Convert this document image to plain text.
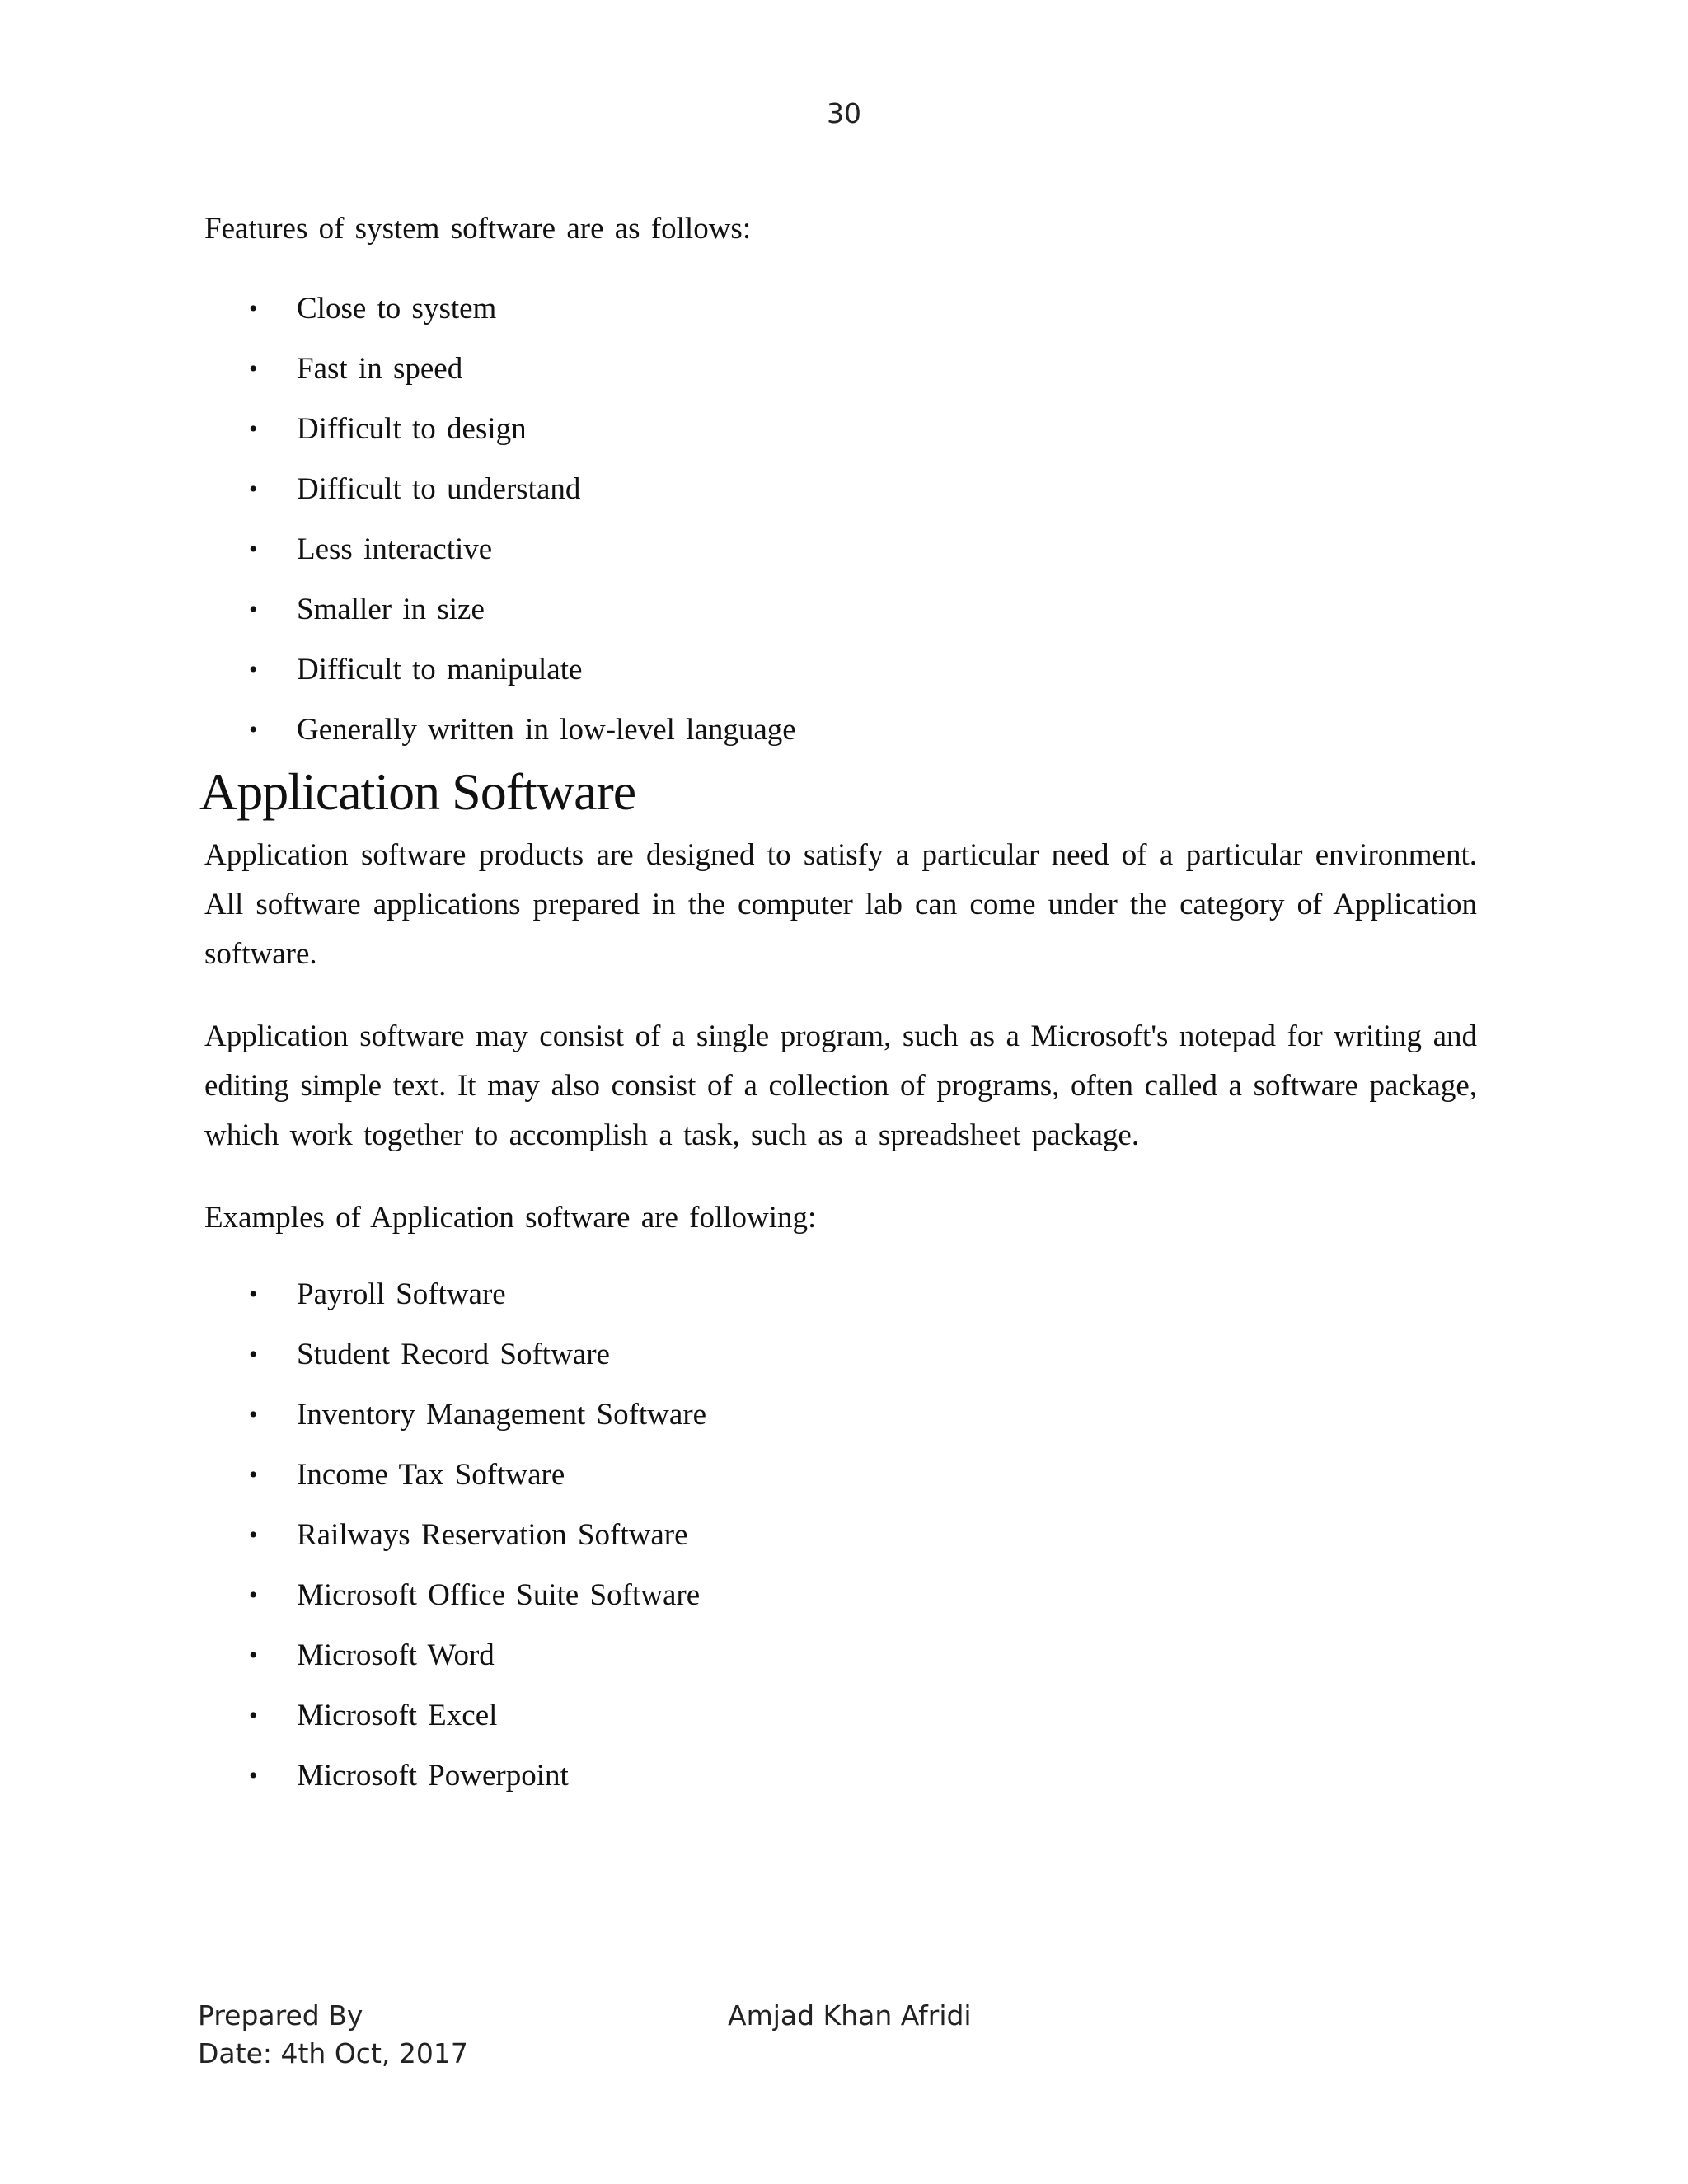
30

Features of system software are as follows:

• Close to system
• Fast in speed
• Difficult to design
• Difficult to understand
• Less interactive
• Smaller in size
• Difficult to manipulate
• Generally written in low-level language
Application Software

Application software products are designed to satisfy a particular need of a particular environment. All software applications prepared in the computer lab can come under the category of Application software.

Application software may consist of a single program, such as a Microsoft's notepad for writing and editing simple text. It may also consist of a collection of programs, often called a software package, which work together to accomplish a task, such as a spreadsheet package.

Examples of Application software are following:

• Payroll Software
• Student Record Software
• Inventory Management Software
• Income Tax Software
• Railways Reservation Software
• Microsoft Office Suite Software
• Microsoft Word
• Microsoft Excel
• Microsoft Powerpoint
Prepared By
Date: 4th Oct, 2017
Amjad Khan Afridi
